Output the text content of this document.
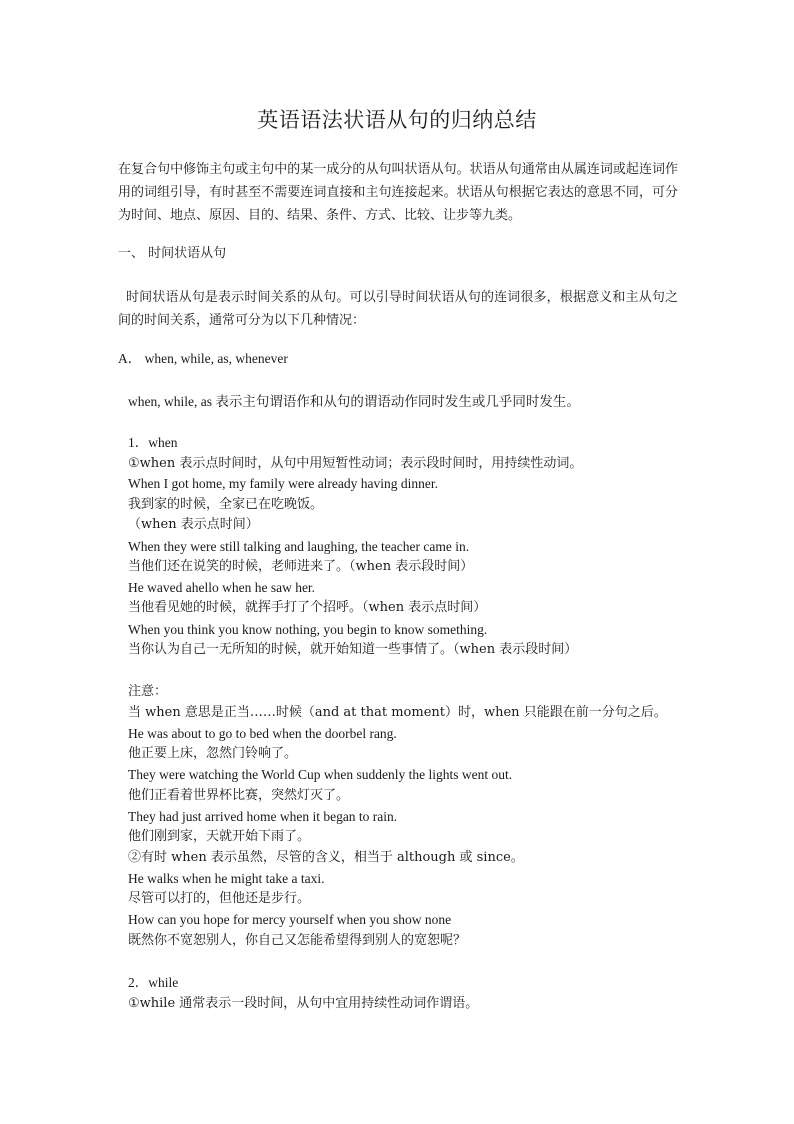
英语语法状语从句的归纳总结
在复合句中修饰主句或主句中的某一成分的从句叫状语从句。状语从句通常由从属连词或起连词作用的词组引导，有时甚至不需要连词直接和主句连接起来。状语从句根据它表达的意思不同，可分为时间、地点、原因、目的、结果、条件、方式、比较、让步等九类。
一、 时间状语从句
时间状语从句是表示时间关系的从句。可以引导时间状语从句的连词很多，根据意义和主从句之间的时间关系，通常可分为以下几种情况：
A． when, while, as, whenever
when, while, as 表示主句谓语作和从句的谓语动作同时发生或几乎同时发生。
1．when
①when 表示点时间时，从句中用短暂性动词；表示段时间时，用持续性动词。
When I got home, my family were already having dinner.
我到家的时候，全家已在吃晚饭。
（when 表示点时间）
When they were still talking and laughing, the teacher came in.
当他们还在说笑的时候，老师进来了。（when 表示段时间）
He waved ahello when he saw her.
当他看见她的时候，就挥手打了个招呼。（when 表示点时间）
When you think you know nothing, you begin to know something.
当你认为自己一无所知的时候，就开始知道一些事情了。（when 表示段时间）
注意：
当 when 意思是正当……时候（and at that moment）时，when 只能跟在前一分句之后。
He was about to go to bed when the doorbel rang.
他正要上床，忽然门铃响了。
They were watching the World Cup when suddenly the lights went out.
他们正看着世界杯比赛，突然灯灭了。
They had just arrived home when it began to rain.
他们刚到家，天就开始下雨了。
②有时 when 表示虽然，尽管的含义，相当于 although 或 since。
He walks when he might take a taxi.
尽管可以打的，但他还是步行。
How can you hope for mercy yourself when you show none
既然你不宽恕别人，你自己又怎能希望得到别人的宽恕呢？
2．while
①while 通常表示一段时间，从句中宜用持续性动词作谓语。
